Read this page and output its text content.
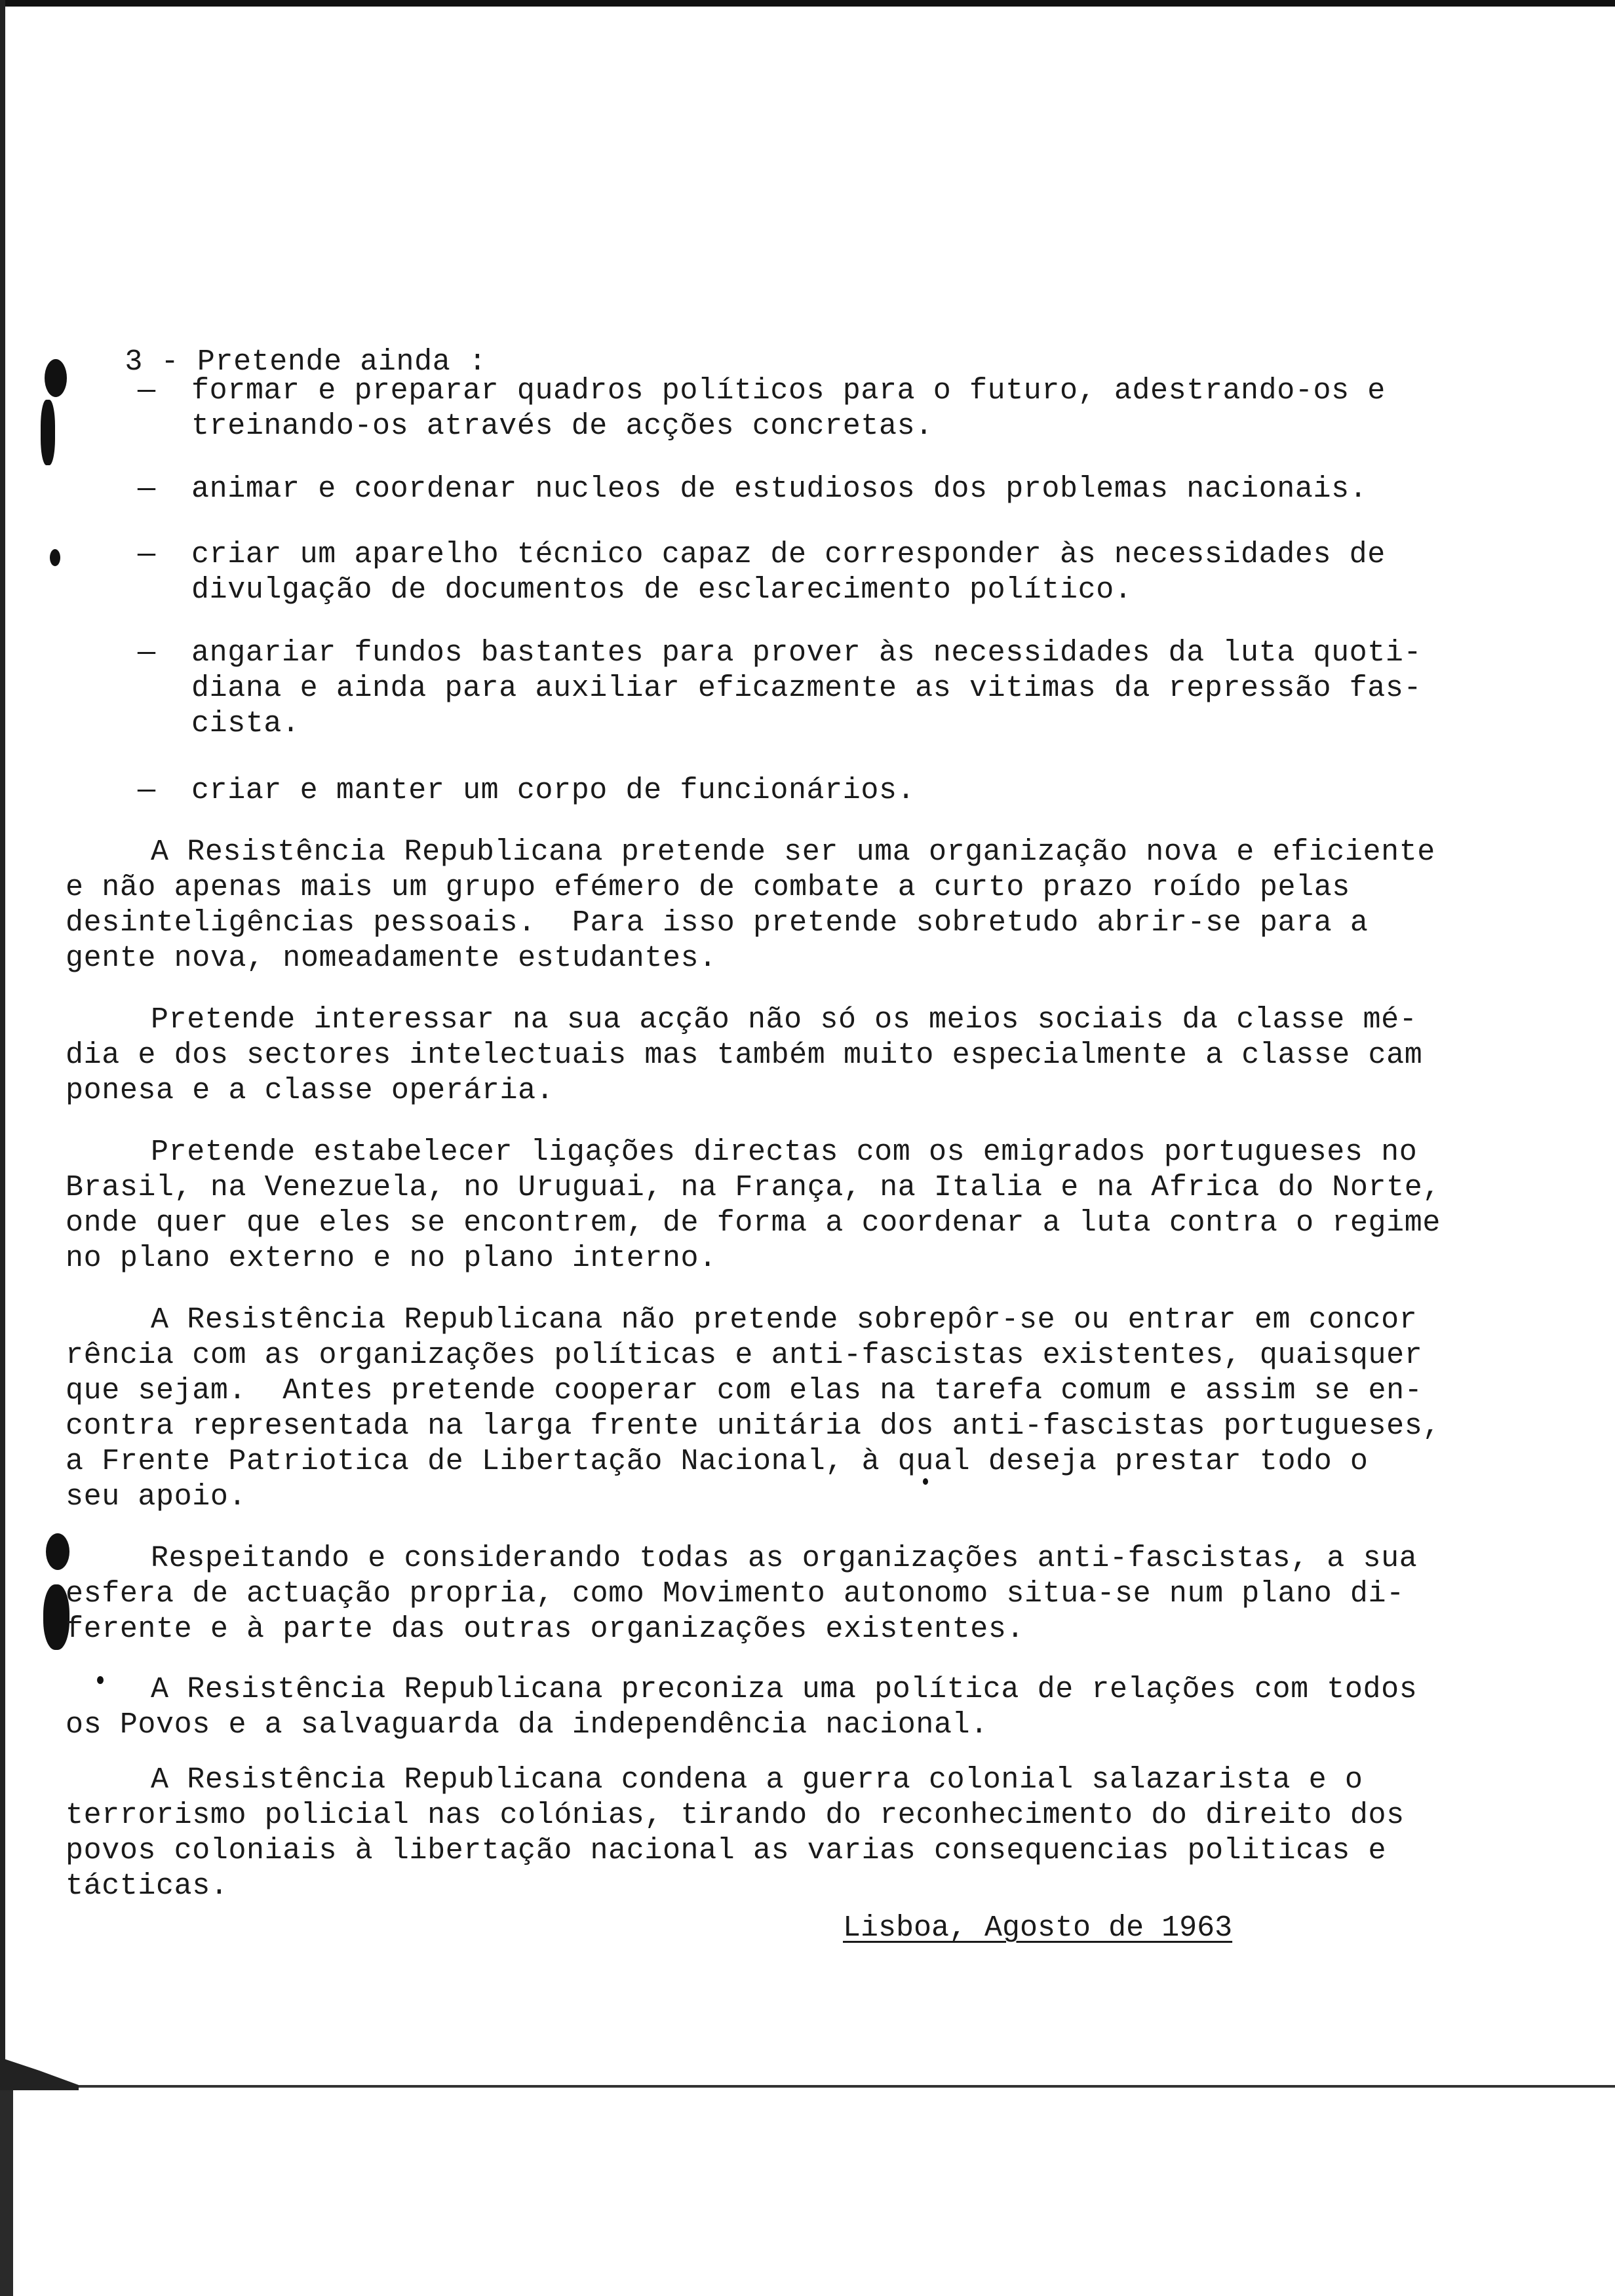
3 - Pretende ainda :

— formar e preparar quadros políticos para o futuro, adestrando-os e
treinando-os através de acções concretas.
— animar e coordenar nucleos de estudiosos dos problemas nacionais.
— criar um aparelho técnico capaz de corresponder às necessidades de
divulgação de documentos de esclarecimento político.
— angariar fundos bastantes para prover às necessidades da luta quoti-
diana e ainda para auxiliar eficazmente as vitimas da repressão fas-
cista.
— criar e manter um corpo de funcionários.
A Resistência Republicana pretende ser uma organização nova e eficiente
e não apenas mais um grupo efémero de combate a curto prazo roído pelas
desinteligências pessoais.  Para isso pretende sobretudo abrir-se para a
gente nova, nomeadamente estudantes.
Pretende interessar na sua acção não só os meios sociais da classe mé-
dia e dos sectores intelectuais mas também muito especialmente a classe cam
ponesa e a classe operária.
Pretende estabelecer ligações directas com os emigrados portugueses no
Brasil, na Venezuela, no Uruguai, na França, na Italia e na Africa do Norte,
onde quer que eles se encontrem, de forma a coordenar a luta contra o regime
no plano externo e no plano interno.
A Resistência Republicana não pretende sobrepôr-se ou entrar em concor
rência com as organizações políticas e anti-fascistas existentes, quaisquer
que sejam.  Antes pretende cooperar com elas na tarefa comum e assim se en-
contra representada na larga frente unitária dos anti-fascistas portugueses,
a Frente Patriotica de Libertação Nacional, à qual deseja prestar todo o
seu apoio.
Respeitando e considerando todas as organizações anti-fascistas, a sua
esfera de actuação propria, como Movimento autonomo situa-se num plano di-
ferente e à parte das outras organizações existentes.
A Resistência Republicana preconiza uma política de relações com todos
os Povos e a salvaguarda da independência nacional.
A Resistência Republicana condena a guerra colonial salazarista e o
terrorismo policial nas colónias, tirando do reconhecimento do direito dos
povos coloniais à libertação nacional as varias consequencias politicas e
tácticas.
Lisboa, Agosto de 1963
